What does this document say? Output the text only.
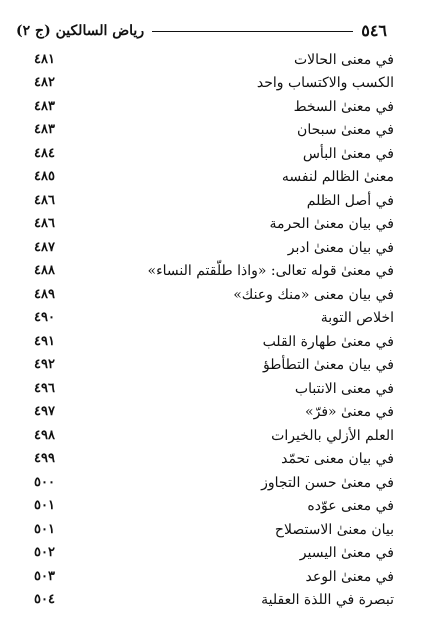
٥٤٦
رياض السالكين (ج ٢)
في معنى الحالات
٤٨١
الكسب والاكتساب واحد
٤٨٢
في معنىٰ السخط
٤٨٣
في معنىٰ سبحان
٤٨٣
في معنىٰ البأس
٤٨٤
معنىٰ الظالم لنفسه
٤٨٥
في أصل الظلم
٤٨٦
في بيان معنىٰ الحرمة
٤٨٦
في بيان معنىٰ ادبر
٤٨٧
في معنىٰ قوله تعالى: «واذا طلّقتم النساء»
٤٨٨
في بيان معنى «منك وعنك»
٤٨٩
اخلاص التوبة
٤٩٠
في معنىٰ طهارة القلب
٤٩١
في بيان معنىٰ التطأطؤ
٤٩٢
في معنى الانتباب
٤٩٦
في معنىٰ «فرّ»
٤٩٧
العلم الأزلي بالخيرات
٤٩٨
في بيان معنى تحمّد
٤٩٩
في معنىٰ حسن التجاوز
٥٠٠
في معنى عوّده
٥٠١
بيان معنىٰ الاستصلاح
٥٠١
في معنىٰ اليسير
٥٠٢
في معنىٰ الوعد
٥٠٣
تبصرة في اللذة العقلية
٥٠٤
